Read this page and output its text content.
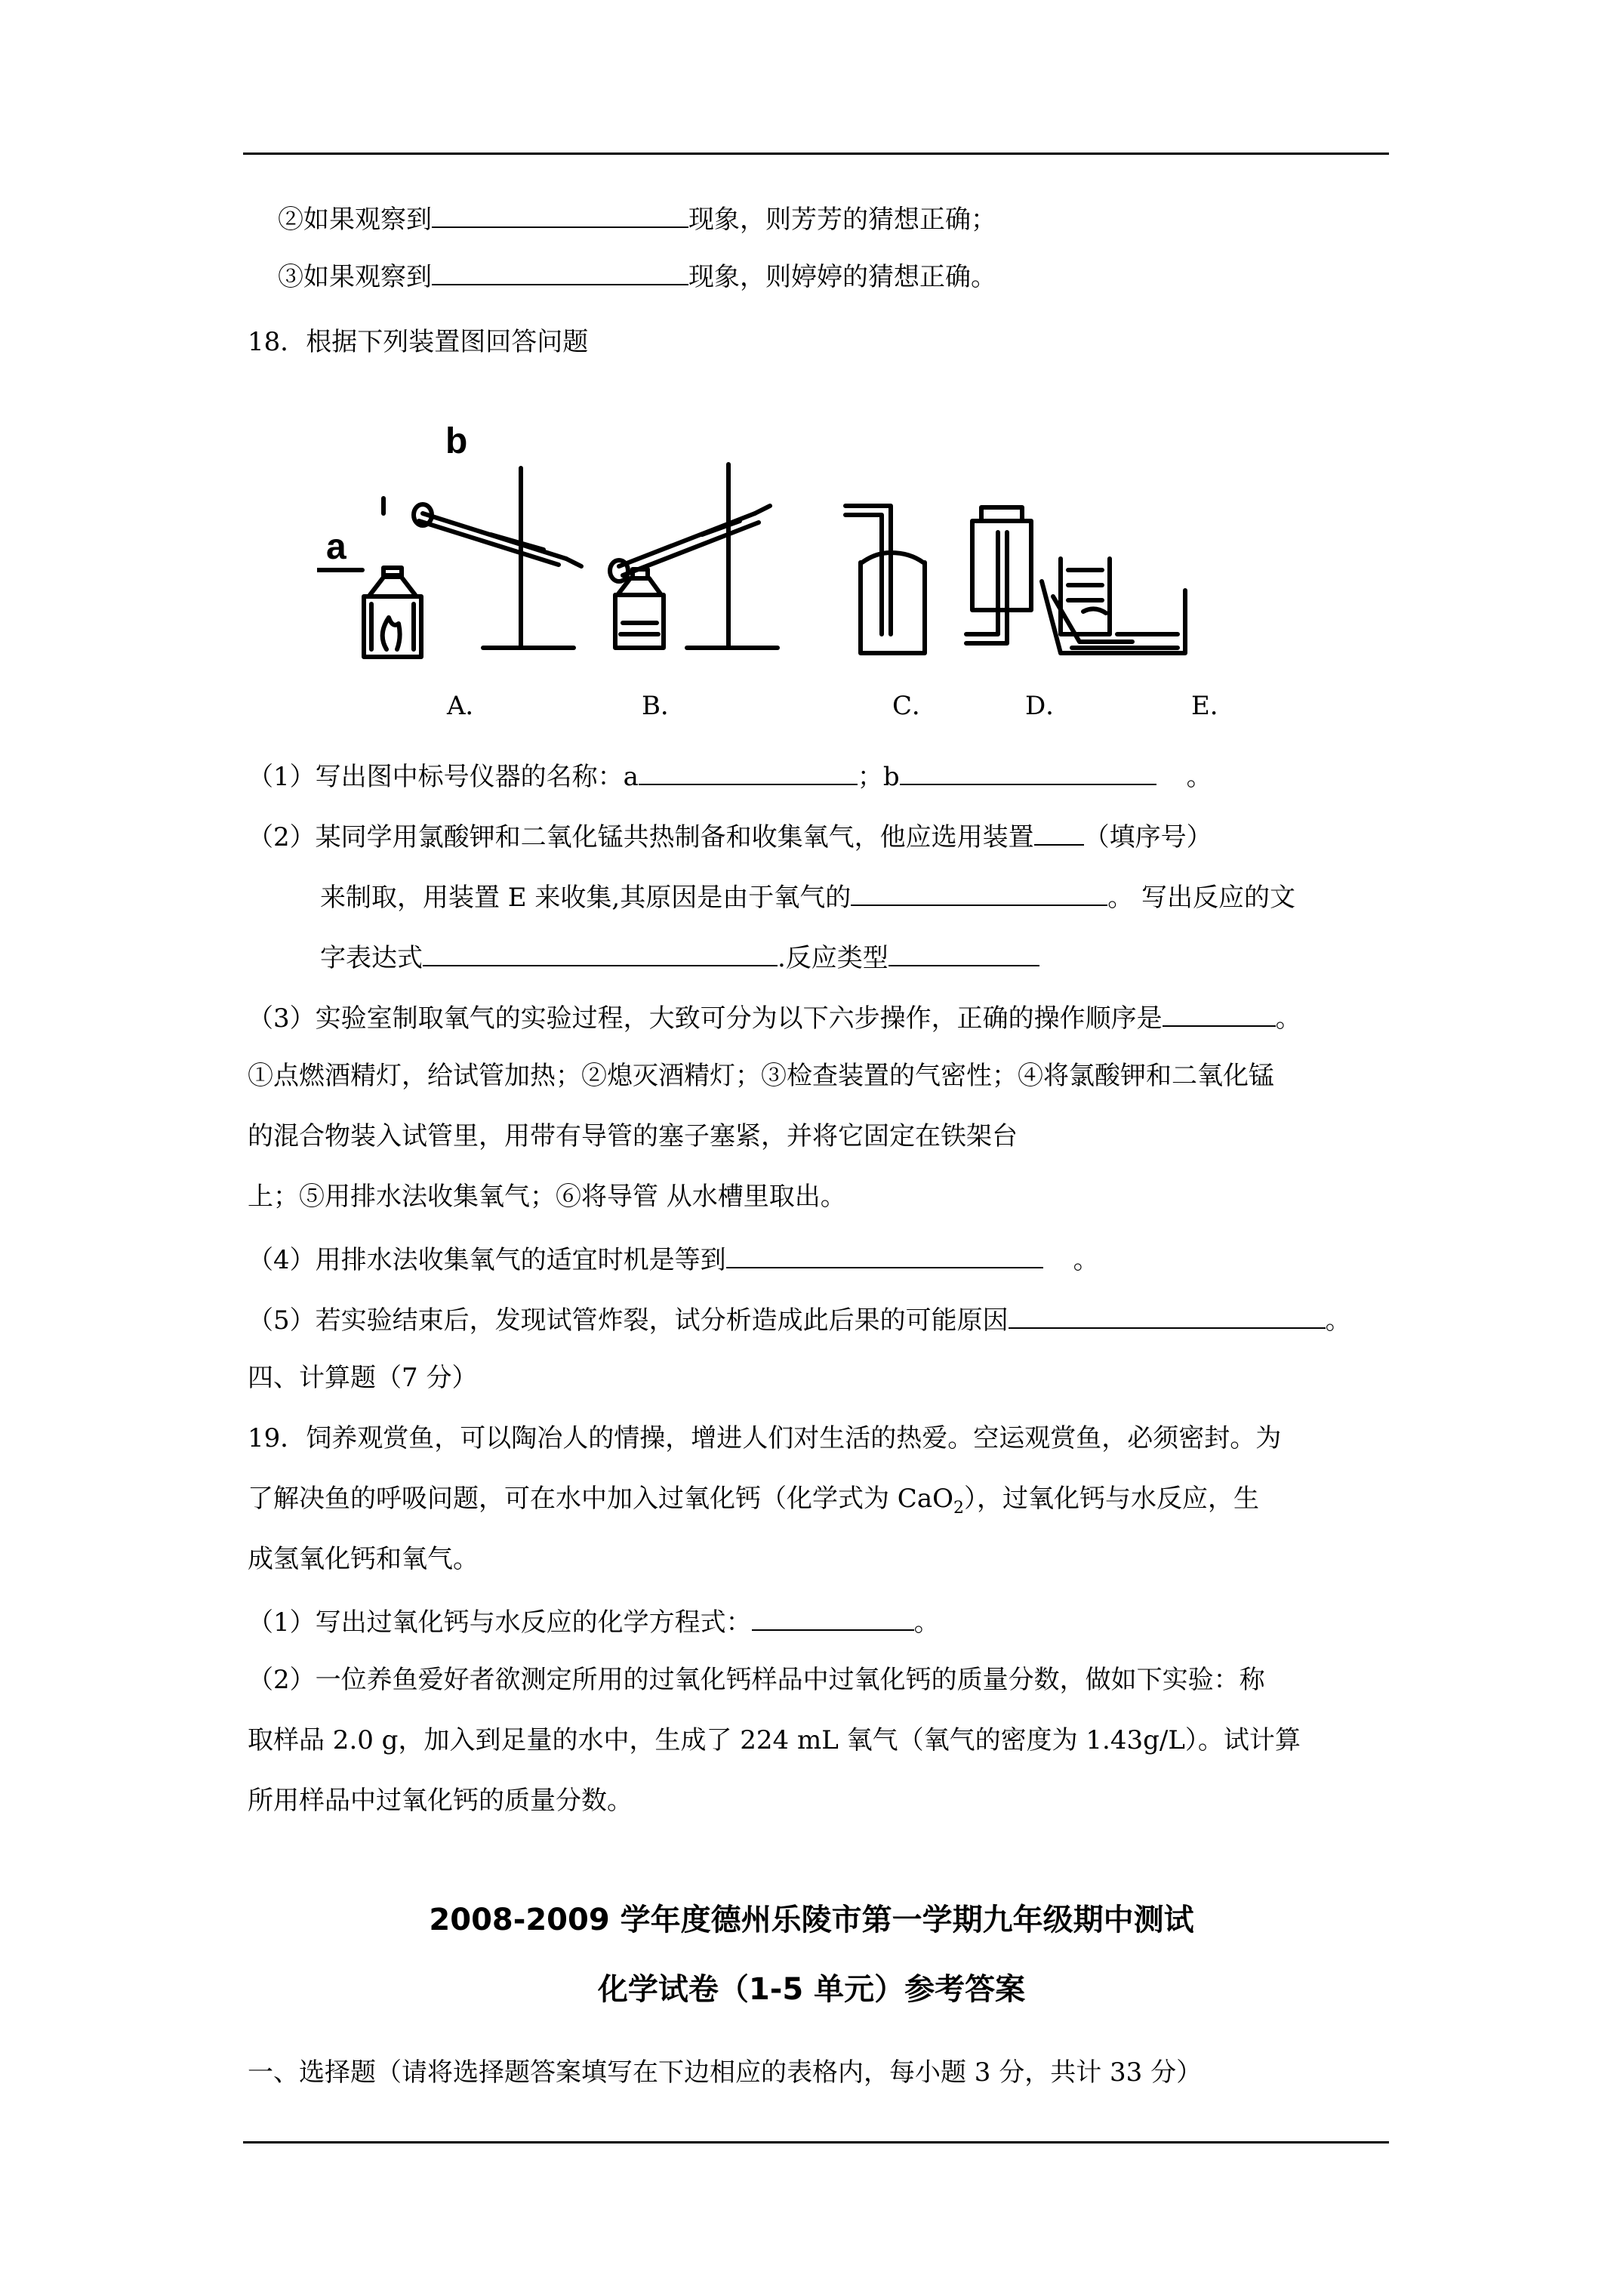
②如果观察到	现象，则芳芳的猜想正确；
③如果观察到	现象，则婷婷的猜想正确。
18．根据下列装置图回答问题
b
a
A．	B．	C．	D．	E．
（1）写出图中标号仪器的名称：a	；b	。
（2）某同学用氯酸钾和二氧化锰共热制备和收集氧气，他应选用装置 （填序号）
来制取，用装置 E 来收集,其原因是由于氧气的	。 写出反应的文
字表达式	.反应类型
（3）实验室制取氧气的实验过程，大致可分为以下六步操作，正确的操作顺序是	。
①点燃酒精灯，给试管加热；②熄灭酒精灯；③检查装置的气密性；④将氯酸钾和二氧化锰
的混合物装入试管里，用带有导管的塞子塞紧，并将它固定在铁架台
上；⑤用排水法收集氧气；⑥将导管 从水槽里取出。
（4）用排水法收集氧气的适宜时机是等到	。
（5）若实验结束后，发现试管炸裂，试分析造成此后果的可能原因	。
四、计算题（7 分）
19．饲养观赏鱼，可以陶冶人的情操，增进人们对生活的热爱。空运观赏鱼，必须密封。为
了解决鱼的呼吸问题，可在水中加入过氧化钙（化学式为 CaO$_2$），过氧化钙与水反应，生
成氢氧化钙和氧气。
（1）写出过氧化钙与水反应的化学方程式：	。
（2）一位养鱼爱好者欲测定所用的过氧化钙样品中过氧化钙的质量分数，做如下实验：称
取样品 2.0 g，加入到足量的水中，生成了 224 mL 氧气（氧气的密度为 1.43g/L）。试计算
所用样品中过氧化钙的质量分数。
2008-2009 学年度德州乐陵市第一学期九年级期中测试
化学试卷（1-5 单元）参考答案
一、选择题（请将选择题答案填写在下边相应的表格内，每小题 3 分，共计 33 分）
